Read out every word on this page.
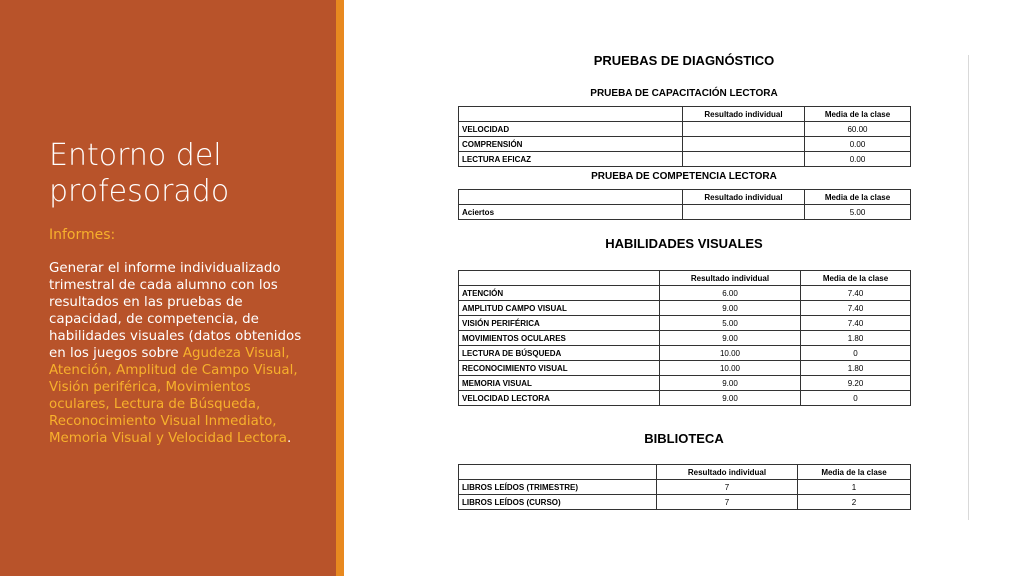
Entorno del profesorado
Informes:
Generar el informe individualizado trimestral de cada alumno con los resultados en las pruebas de capacidad, de competencia, de habilidades visuales (datos obtenidos en los juegos sobre Agudeza Visual, Atención, Amplitud de Campo Visual, Visión periférica, Movimientos oculares, Lectura de Búsqueda, Reconocimiento Visual Inmediato, Memoria Visual y Velocidad Lectora.
PRUEBAS DE DIAGNÓSTICO
PRUEBA DE CAPACITACIÓN LECTORA
	Resultado individual	Media de la clase
VELOCIDAD		60.00
COMPRENSIÓN		0.00
LECTURA EFICAZ		0.00
PRUEBA DE COMPETENCIA LECTORA
	Resultado individual	Media de la clase
Aciertos		5.00
HABILIDADES VISUALES
	Resultado individual	Media de la clase
ATENCIÓN	6.00	7.40
AMPLITUD CAMPO VISUAL	9.00	7.40
VISIÓN PERIFÉRICA	5.00	7.40
MOVIMIENTOS OCULARES	9.00	1.80
LECTURA DE BÚSQUEDA	10.00	0
RECONOCIMIENTO VISUAL	10.00	1.80
MEMORIA VISUAL	9.00	9.20
VELOCIDAD LECTORA	9.00	0
BIBLIOTECA
	Resultado individual	Media de la clase
LIBROS LEÍDOS (TRIMESTRE)	7	1
LIBROS LEÍDOS (CURSO)	7	2
